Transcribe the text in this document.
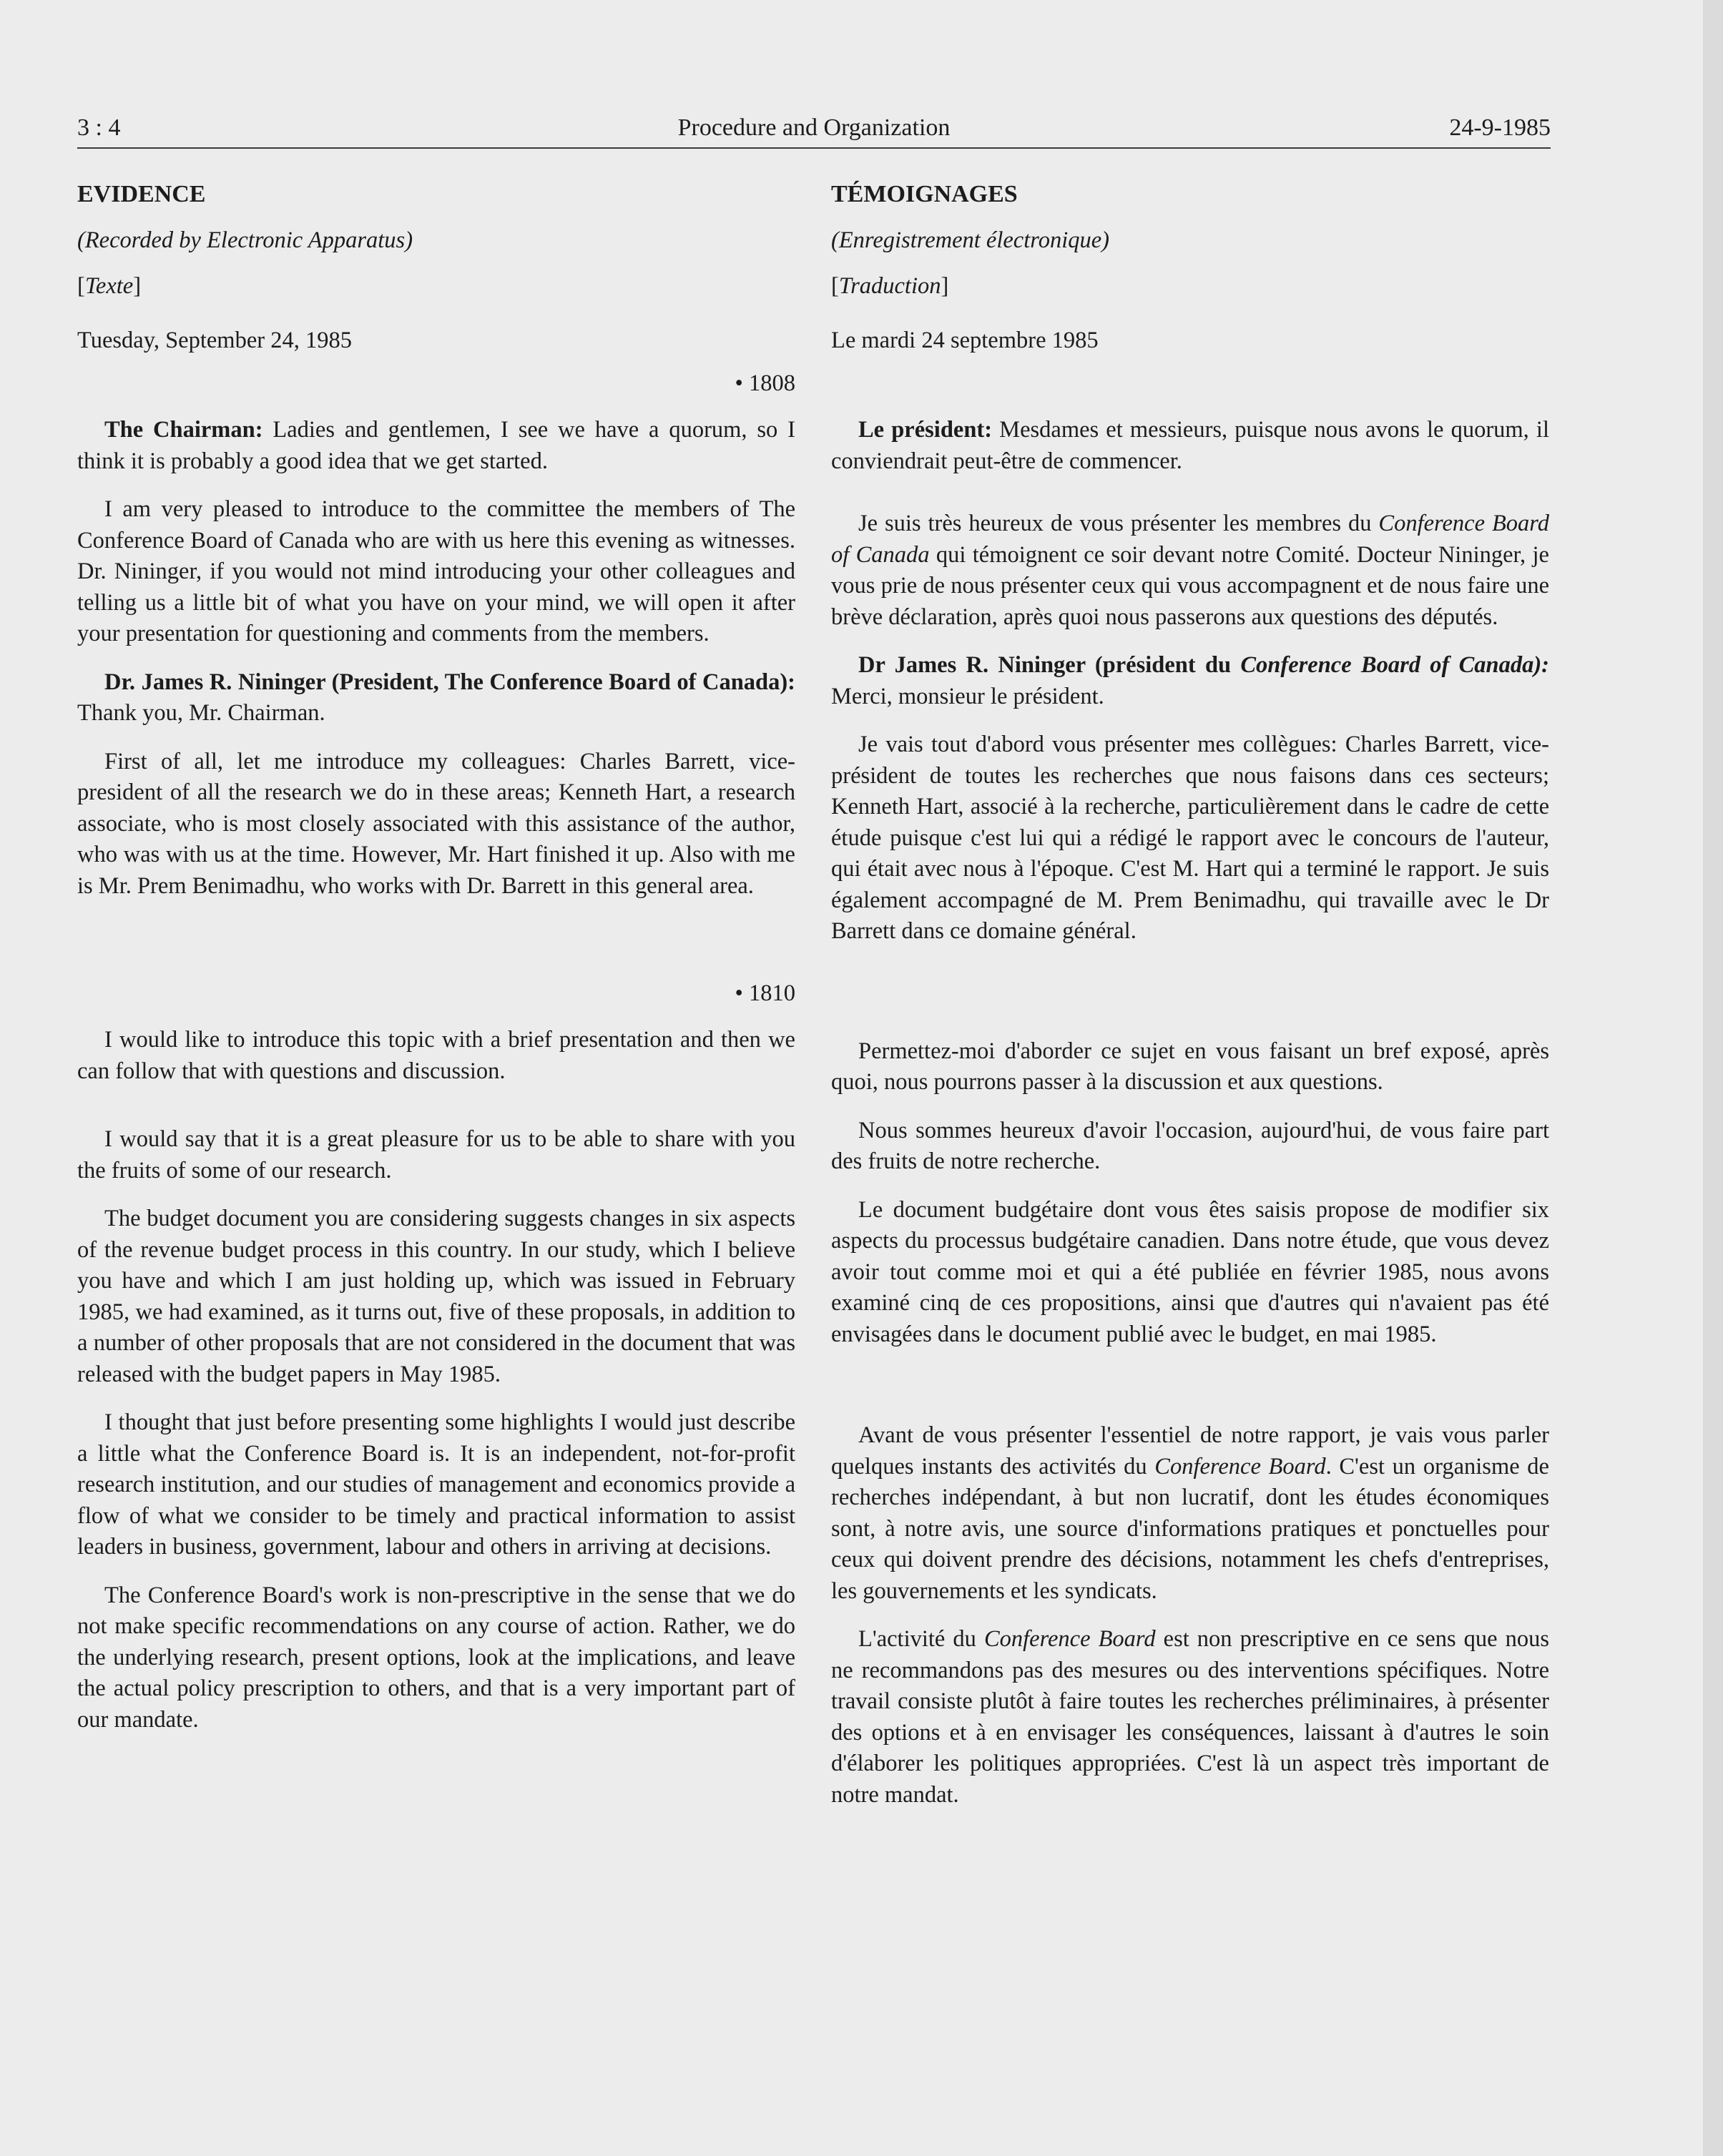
3 : 4	Procedure and Organization	24-9-1985
EVIDENCE
(Recorded by Electronic Apparatus)
[Texte]
Tuesday, September 24, 1985
• 1808

The Chairman: Ladies and gentlemen, I see we have a quorum, so I think it is probably a good idea that we get started.

I am very pleased to introduce to the committee the members of The Conference Board of Canada who are with us here this evening as witnesses. Dr. Nininger, if you would not mind introducing your other colleagues and telling us a little bit of what you have on your mind, we will open it after your presentation for questioning and comments from the members.

Dr. James R. Nininger (President, The Conference Board of Canada): Thank you, Mr. Chairman.

First of all, let me introduce my colleagues: Charles Barrett, vice-president of all the research we do in these areas; Kenneth Hart, a research associate, who is most closely associated with this assistance of the author, who was with us at the time. However, Mr. Hart finished it up. Also with me is Mr. Prem Benimadhu, who works with Dr. Barrett in this general area.

• 1810

I would like to introduce this topic with a brief presentation and then we can follow that with questions and discussion.

I would say that it is a great pleasure for us to be able to share with you the fruits of some of our research.

The budget document you are considering suggests changes in six aspects of the revenue budget process in this country. In our study, which I believe you have and which I am just holding up, which was issued in February 1985, we had examined, as it turns out, five of these proposals, in addition to a number of other proposals that are not considered in the document that was released with the budget papers in May 1985.

I thought that just before presenting some highlights I would just describe a little what the Conference Board is. It is an independent, not-for-profit research institution, and our studies of management and economics provide a flow of what we consider to be timely and practical information to assist leaders in business, government, labour and others in arriving at decisions.

The Conference Board's work is non-prescriptive in the sense that we do not make specific recommendations on any course of action. Rather, we do the underlying research, present options, look at the implications, and leave the actual policy prescription to others, and that is a very important part of our mandate.

TÉMOIGNAGES
(Enregistrement électronique)
[Traduction]
Le mardi 24 septembre 1985

Le président: Mesdames et messieurs, puisque nous avons le quorum, il conviendrait peut-être de commencer.

Je suis très heureux de vous présenter les membres du Conference Board of Canada qui témoignent ce soir devant notre Comité. Docteur Nininger, je vous prie de nous présenter ceux qui vous accompagnent et de nous faire une brève déclaration, après quoi nous passerons aux questions des députés.

Dr James R. Nininger (président du Conference Board of Canada): Merci, monsieur le président.

Je vais tout d'abord vous présenter mes collègues: Charles Barrett, vice-président de toutes les recherches que nous faisons dans ces secteurs; Kenneth Hart, associé à la recherche, particulièrement dans le cadre de cette étude puisque c'est lui qui a rédigé le rapport avec le concours de l'auteur, qui était avec nous à l'époque. C'est M. Hart qui a terminé le rapport. Je suis également accompagné de M. Prem Benimadhu, qui travaille avec le Dr Barrett dans ce domaine général.

Permettez-moi d'aborder ce sujet en vous faisant un bref exposé, après quoi, nous pourrons passer à la discussion et aux questions.

Nous sommes heureux d'avoir l'occasion, aujourd'hui, de vous faire part des fruits de notre recherche.

Le document budgétaire dont vous êtes saisis propose de modifier six aspects du processus budgétaire canadien. Dans notre étude, que vous devez avoir tout comme moi et qui a été publiée en février 1985, nous avons examiné cinq de ces propositions, ainsi que d'autres qui n'avaient pas été envisagées dans le document publié avec le budget, en mai 1985.

Avant de vous présenter l'essentiel de notre rapport, je vais vous parler quelques instants des activités du Conference Board. C'est un organisme de recherches indépendant, à but non lucratif, dont les études économiques sont, à notre avis, une source d'informations pratiques et ponctuelles pour ceux qui doivent prendre des décisions, notamment les chefs d'entreprises, les gouvernements et les syndicats.

L'activité du Conference Board est non prescriptive en ce sens que nous ne recommandons pas des mesures ou des interventions spécifiques. Notre travail consiste plutôt à faire toutes les recherches préliminaires, à présenter des options et à en envisager les conséquences, laissant à d'autres le soin d'élaborer les politiques appropriées. C'est là un aspect très important de notre mandat.
